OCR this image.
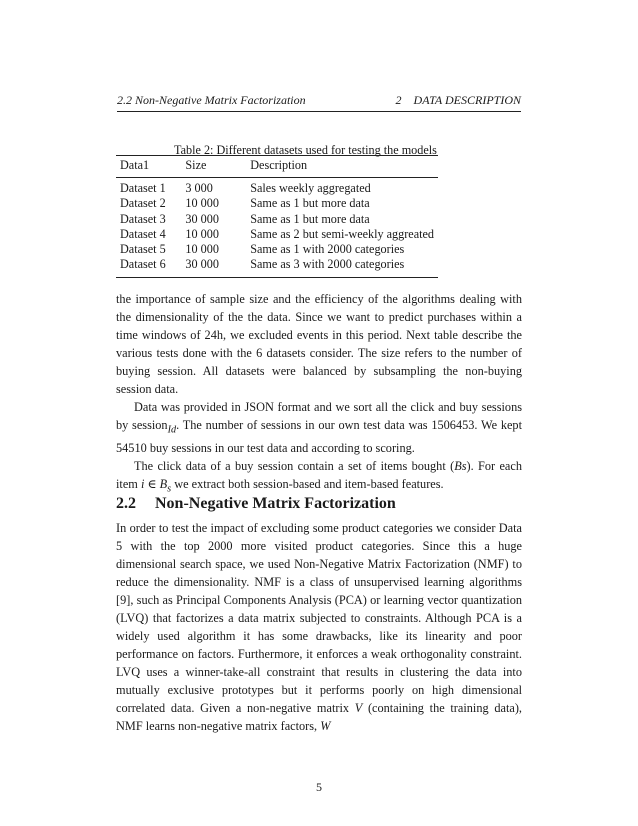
2.2 Non-Negative Matrix Factorization	2 DATA DESCRIPTION
Table 2: Different datasets used for testing the models
Data1	Size	Description
Dataset 1	3 000	Sales weekly aggregated
Dataset 2	10 000	Same as 1 but more data
Dataset 3	30 000	Same as 1 but more data
Dataset 4	10 000	Same as 2 but semi-weekly aggreated
Dataset 5	10 000	Same as 1 with 2000 categories
Dataset 6	30 000	Same as 3 with 2000 categories

the importance of sample size and the efficiency of the algorithms dealing with the dimensionality of the the data. Since we want to predict purchases within a time windows of 24h, we excluded events in this period. Next table describe the various tests done with the 6 datasets consider. The size refers to the number of buying session. All datasets were balanced by subsampling the non-buying session data.

Data was provided in JSON format and we sort all the click and buy sessions by session$_{Id}$. The number of sessions in our own test data was 1506453. We kept 54510 buy sessions in our test data and according to scoring.

The click data of a buy session contain a set of items bought (Bs). For each item i ∈ $B_s$ we extract both session-based and item-based features.

2.2 Non-Negative Matrix Factorization

In order to test the impact of excluding some product categories we consider Data 5 with the top 2000 more visited product categories. Since this a huge dimensional search space, we used Non-Negative Matrix Factorization (NMF) to reduce the dimensionality. NMF is a class of unsupervised learning algorithms [9], such as Principal Components Analysis (PCA) or learning vector quantization (LVQ) that factorizes a data matrix subjected to constraints. Although PCA is a widely used algorithm it has some drawbacks, like its linearity and poor performance on factors. Furthermore, it enforces a weak orthogonality constraint. LVQ uses a winner-take-all constraint that results in clustering the data into mutually exclusive prototypes but it performs poorly on high dimensional correlated data. Given a non-negative matrix V (containing the training data), NMF learns non-negative matrix factors, W

5
